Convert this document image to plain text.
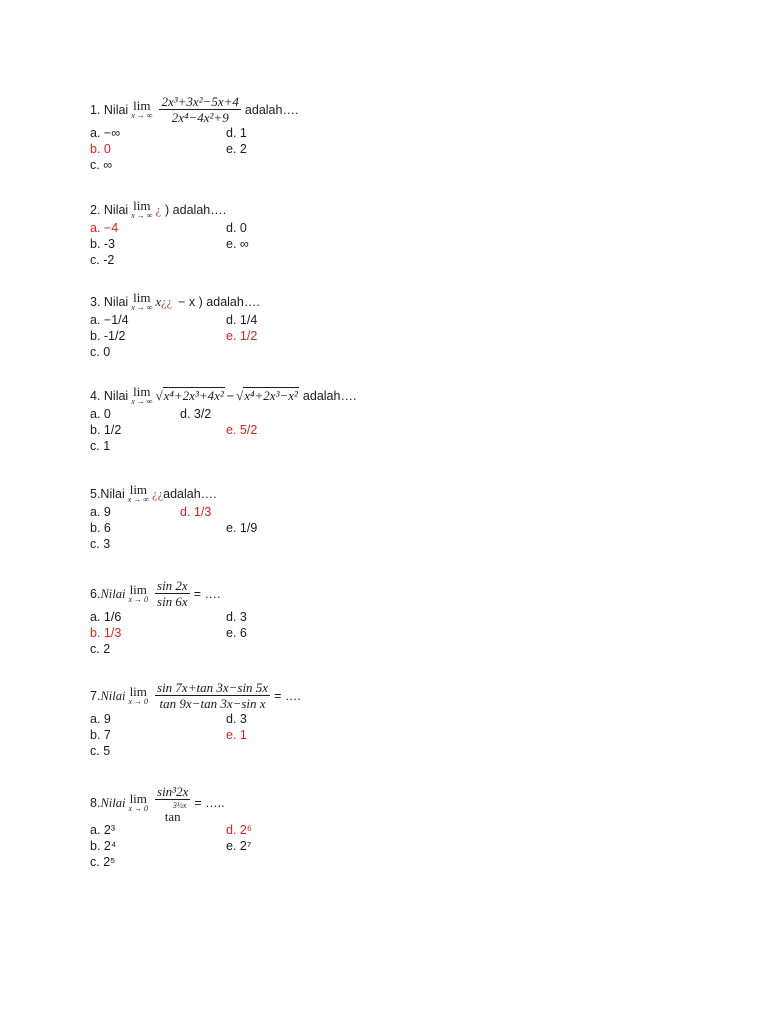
1. Nilai lim
x → ∞ $\frac{\text{2x³+3x²−5x+4}}{\text{2x⁴−4x²+9}}$ adalah….
a. −∞	d. 1
b. 0	e. 2
c. ∞
2. Nilai lim
x → ∞ ¿ ) adalah….
a. −4	d. 0
b. -3	e. ∞
c. -2
3. Nilai lim
x → ∞ x ¿¿ − x ) adalah….
a. −1/4	d. 1/4
b. -1/2	e. 1/2
c. 0
4. Nilai lim
x → ∞ √x⁴+2x³+4x² − √x⁴+2x³−x² adalah….
a. 0	d. 3/2
b. 1/2	e. 5/2
c. 1
5.Nilai lim
x → ∞ ¿¿ adalah….
a. 9	d. 1/3
b. 6	e. 1/9
c. 3
6. Nilai lim
$x \to 0 \frac{\sin 2x}{\sin 6x}$ = ….
a. 1/6	d. 3
b. 1/3	e. 6
c. 2
7. Nilai lim
$x \to 0 \frac{\sin 7x+\tan 3x-\sin 5x}{\text{tan 9x−tan 3x−sin x}}$ = ….
a. 9	d. 3
b. 7	e. 1
c. 5
8. Nilai lim
x → 0 sin³2x
3½x
tan = …..
a. 2³	d. 2⁶
b. 2⁴	e. 2⁷
c. 2⁵
